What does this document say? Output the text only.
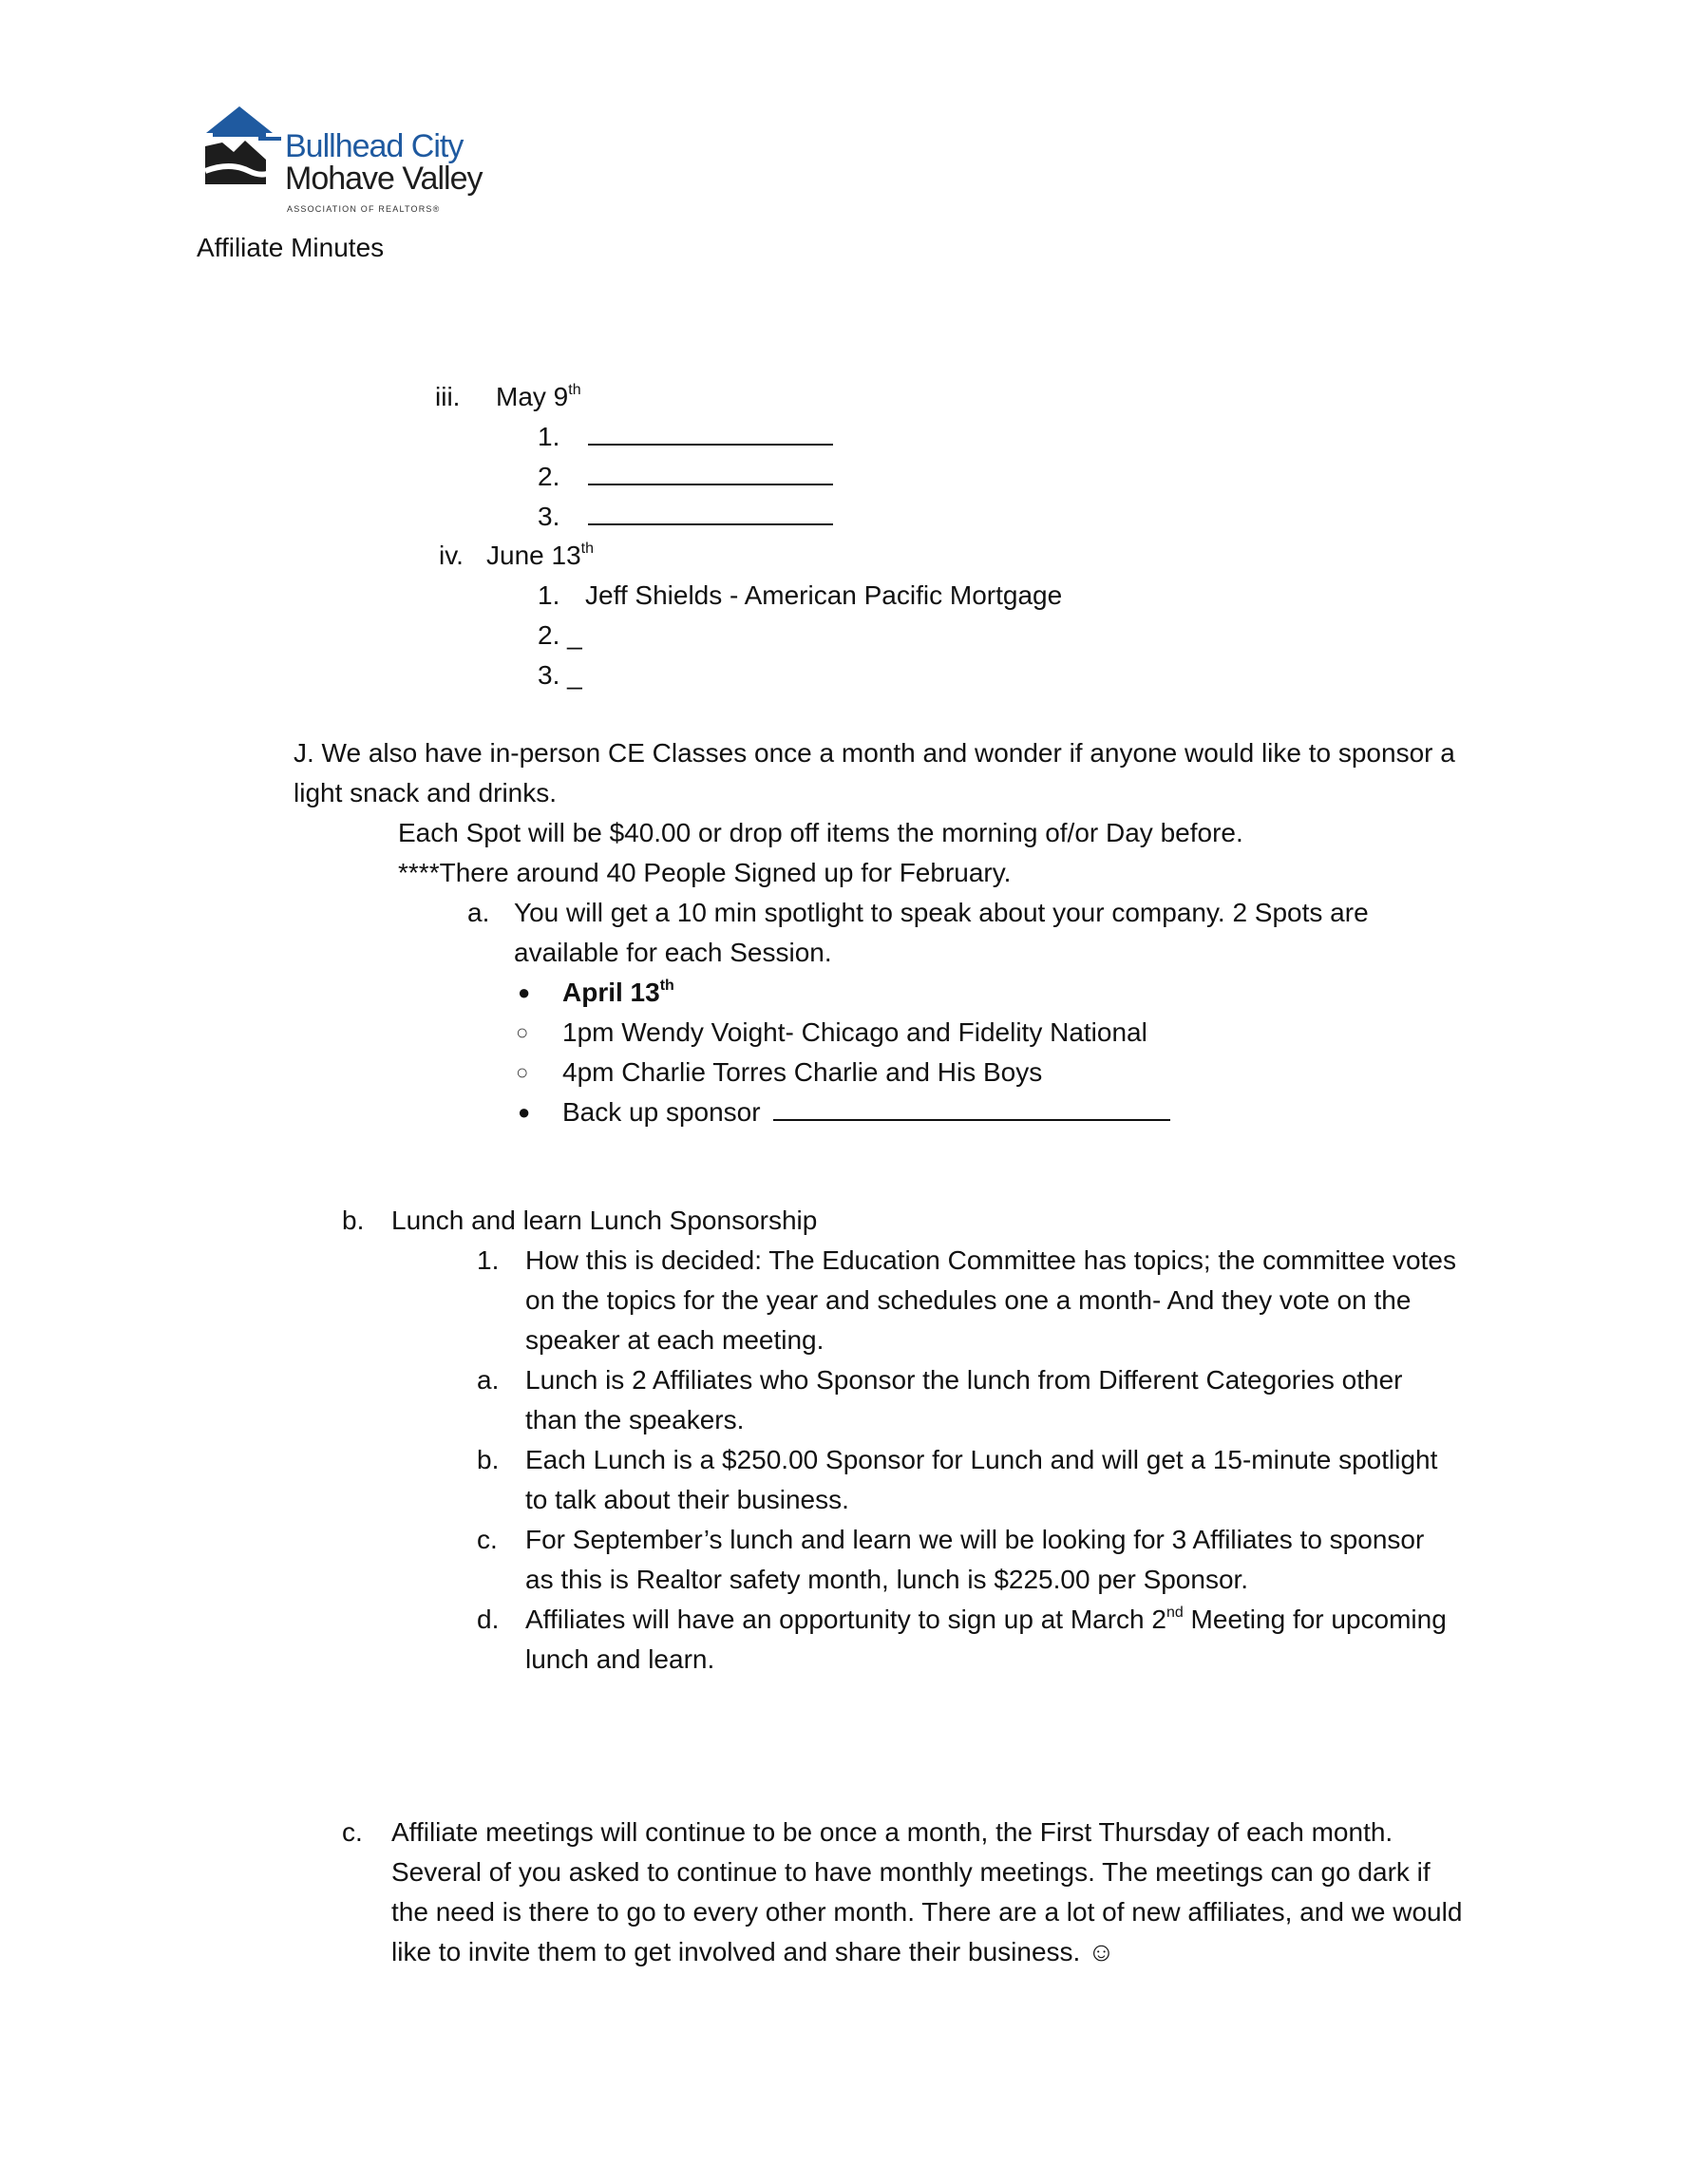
Bullhead City
Mohave Valley
ASSOCIATION OF REALTORS®
Affiliate Minutes
iii. May 9th
1.
2.
3.
iv. June 13th
1. Jeff Shields - American Pacific Mortgage
2. _
3. _
J. We also have in-person CE Classes once a month and wonder if anyone would like to sponsor a light snack and drinks.
Each Spot will be $40.00 or drop off items the morning of/or Day before.
****There around 40 People Signed up for February.
a. You will get a 10 min spotlight to speak about your company. 2 Spots are available for each Session.
● April 13th
○ 1pm Wendy Voight- Chicago and Fidelity National
○ 4pm Charlie Torres Charlie and His Boys
● Back up sponsor
b. Lunch and learn Lunch Sponsorship
1. How this is decided: The Education Committee has topics; the committee votes on the topics for the year and schedules one a month- And they vote on the speaker at each meeting.
a. Lunch is 2 Affiliates who Sponsor the lunch from Different Categories other than the speakers.
b. Each Lunch is a $250.00 Sponsor for Lunch and will get a 15-minute spotlight to talk about their business.
c. For September’s lunch and learn we will be looking for 3 Affiliates to sponsor as this is Realtor safety month, lunch is $225.00 per Sponsor.
d. Affiliates will have an opportunity to sign up at March 2nd Meeting for upcoming lunch and learn.
c. Affiliate meetings will continue to be once a month, the First Thursday of each month. Several of you asked to continue to have monthly meetings. The meetings can go dark if the need is there to go to every other month. There are a lot of new affiliates, and we would like to invite them to get involved and share their business. ☺
